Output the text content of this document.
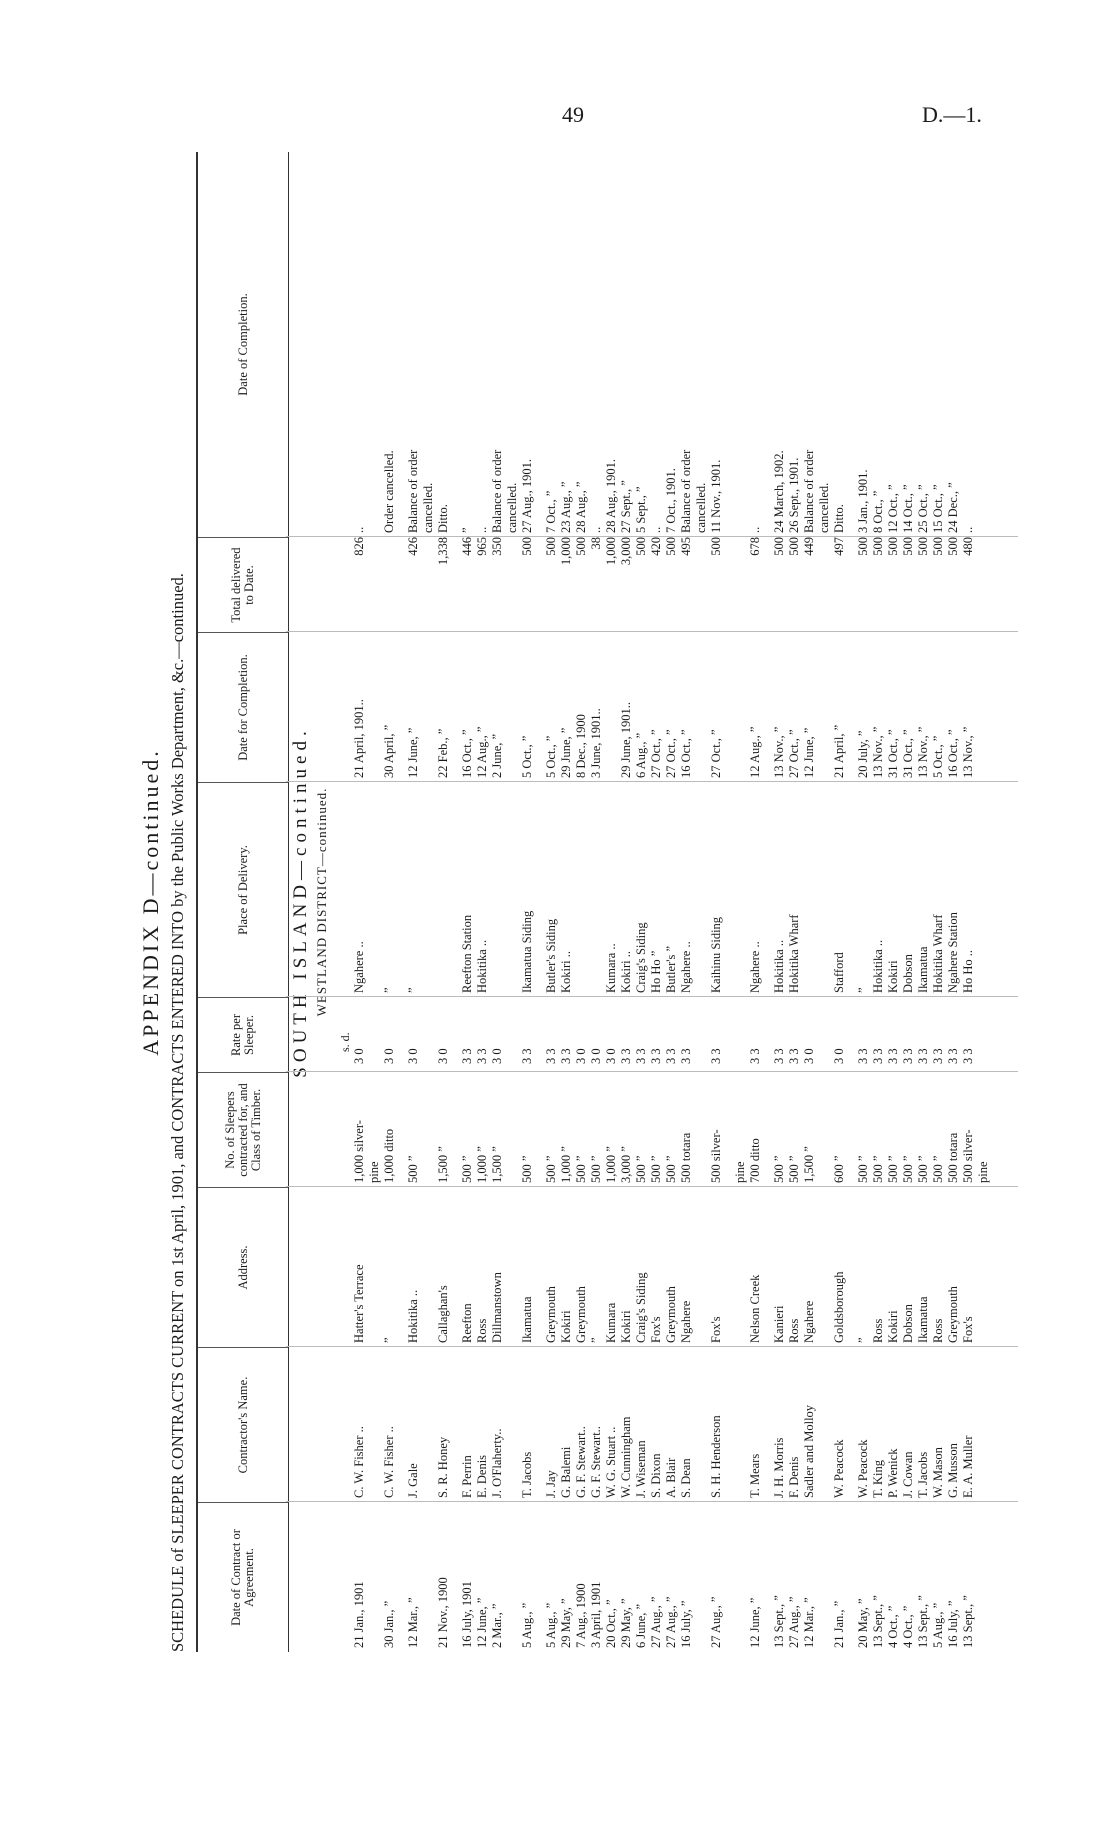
49	D.—1.
APPENDIX D—continued. SCHEDULE of SLEEPER CONTRACTS CURRENT on 1st April, 1901, and CONTRACTS ENTERED INTO by the Public Works Department, &c.—continued.	Date of Contract or Agreement.
Contractor's Name.
Address.
No. of Sleepers contracted for, and Class of Timber.
Rate per Sleeper.
Place of Delivery.
Date for Completion.
Total delivered to Date.
Date of Completion.
SOUTH ISLAND—continued. WESTLAND DISTRICT—continued.
s. d.
21 Jan., 1901
C. W. Fisher ..
Hatter's Terrace
1,000 silver-
3 0
Ngahere ..
21 April, 1901..
826
..
pine
30 Jan., ”
C. W. Fisher ..
”
1,000 ditto
3 0
”
30 April, ”
Order cancelled.
12 Mar., ”
J. Gale
Hokitika ..
500 ”
3 0
”
12 June, ”
426
Balance of order cancelled.
21 Nov., 1900
S. R. Honey
Callaghan's
1,500 ”
3 0
22 Feb., ”
1,338
Ditto.
16 July, 1901
F. Perrin
Reefton
500 ”
3 3
Reefton Station
16 Oct., ”
446
”
12 June, ”
E. Denis
Ross
1,000 ”
3 3
Hokitika ..
12 Aug., ”
965
..
2 Mar., ”
J. O'Flaherty..
Dillmanstown
1,500 ”
3 0
2 June, ”
350
Balance of order cancelled.
5 Aug., ”
T. Jacobs
Ikamatua
500 ”
3 3
Ikamatua Siding
5 Oct., ”
500
27 Aug., 1901.
5 Aug., ”
J. Jay
Greymouth
500 ”
3 3
Butler's Siding
5 Oct., ”
500
7 Oct., ”
29 May, ”
G. Balemi
Kokiri
1,000 ”
3 3
Kokiri ..
29 June, ”
1,000
23 Aug., ”
7 Aug., 1900
G. F. Stewart..
Greymouth
500 ”
3 0
8 Dec., 1900
500
28 Aug., ”
3 April, 1901
G. F. Stewart..
”
500 ”
3 0
3 June, 1901..
38
..
20 Oct., ”
W. G. Stuart ..
Kumara
1,000 ”
3 0
Kumara ..
1,000
28 Aug., 1901.
29 May, ”
W. Cunningham
Kokiri
3,000 ”
3 3
Kokiri ..
29 June, 1901..
3,000
27 Sept., ”
6 June, ”
J. Wiseman
Craig's Siding
500 ”
3 3
Craig's Siding
6 Aug., ”
500
5 Sept., ”
27 Aug., ”
S. Dixon
Fox's
500 ”
3 3
Ho Ho ”
27 Oct., ”
420
..
27 Aug., ”
A. Blair
Greymouth
500 ”
3 3
Butler's ”
27 Oct., ”
500
7 Oct., 1901.
16 July, ”
S. Dean
Ngahere
500 totara
3 3
Ngahere ..
16 Oct., ”
495
Balance of order cancelled.
27 Aug., ”
S. H. Henderson
Fox's
500 silver-
3 3
Kaihinu Siding
27 Oct., ”
500
11 Nov., 1901.
pine
12 June, ”
T. Mears
Nelson Creek
700 ditto
3 3
Ngahere ..
12 Aug., ”
678
..
13 Sept., ”
J. H. Morris
Kanieri
500 ”
3 3
Hokitika ..
13 Nov., ”
500
24 March, 1902.
27 Aug., ”
F. Denis
Ross
500 ”
3 3
Hokitika Wharf
27 Oct., ”
500
26 Sept., 1901.
12 Mar., ”
Sadler and Molloy
Ngahere
1,500 ”
3 0
12 June, ”
449
Balance of order cancelled.
21 Jan., ”
W. Peacock
Goldsborough
600 ”
3 0
Stafford
21 April, ”
497
Ditto.
20 May, ”
W. Peacock
”
500 ”
3 3
”
20 July, ”
500
3 Jan., 1901.
13 Sept., ”
T. King
Ross
500 ”
3 3
Hokitika ..
13 Nov., ”
500
8 Oct., ”
4 Oct., ”
P. Wenick
Kokiri
500 ”
3 3
Kokiri
31 Oct., ”
500
12 Oct., ”
4 Oct., ”
J. Cowan
Dobson
500 ”
3 3
Dobson
31 Oct., ”
500
14 Oct., ”
13 Sept., ”
T. Jacobs
Ikamatua
500 ”
3 3
Ikamatua
13 Nov., ”
500
25 Oct., ”
5 Aug., ”
W. Mason
Ross
500 ”
3 3
Hokitika Wharf
5 Oct., ”
500
15 Oct., ”
16 July, ”
G. Musson
Greymouth
500 totara
3 3
Ngahere Station
16 Oct., ”
500
24 Dec., ”
13 Sept., ”
E. A. Muller
Fox's
500 silver-
3 3
Ho Ho ..
13 Nov., ”
480
..
pine
